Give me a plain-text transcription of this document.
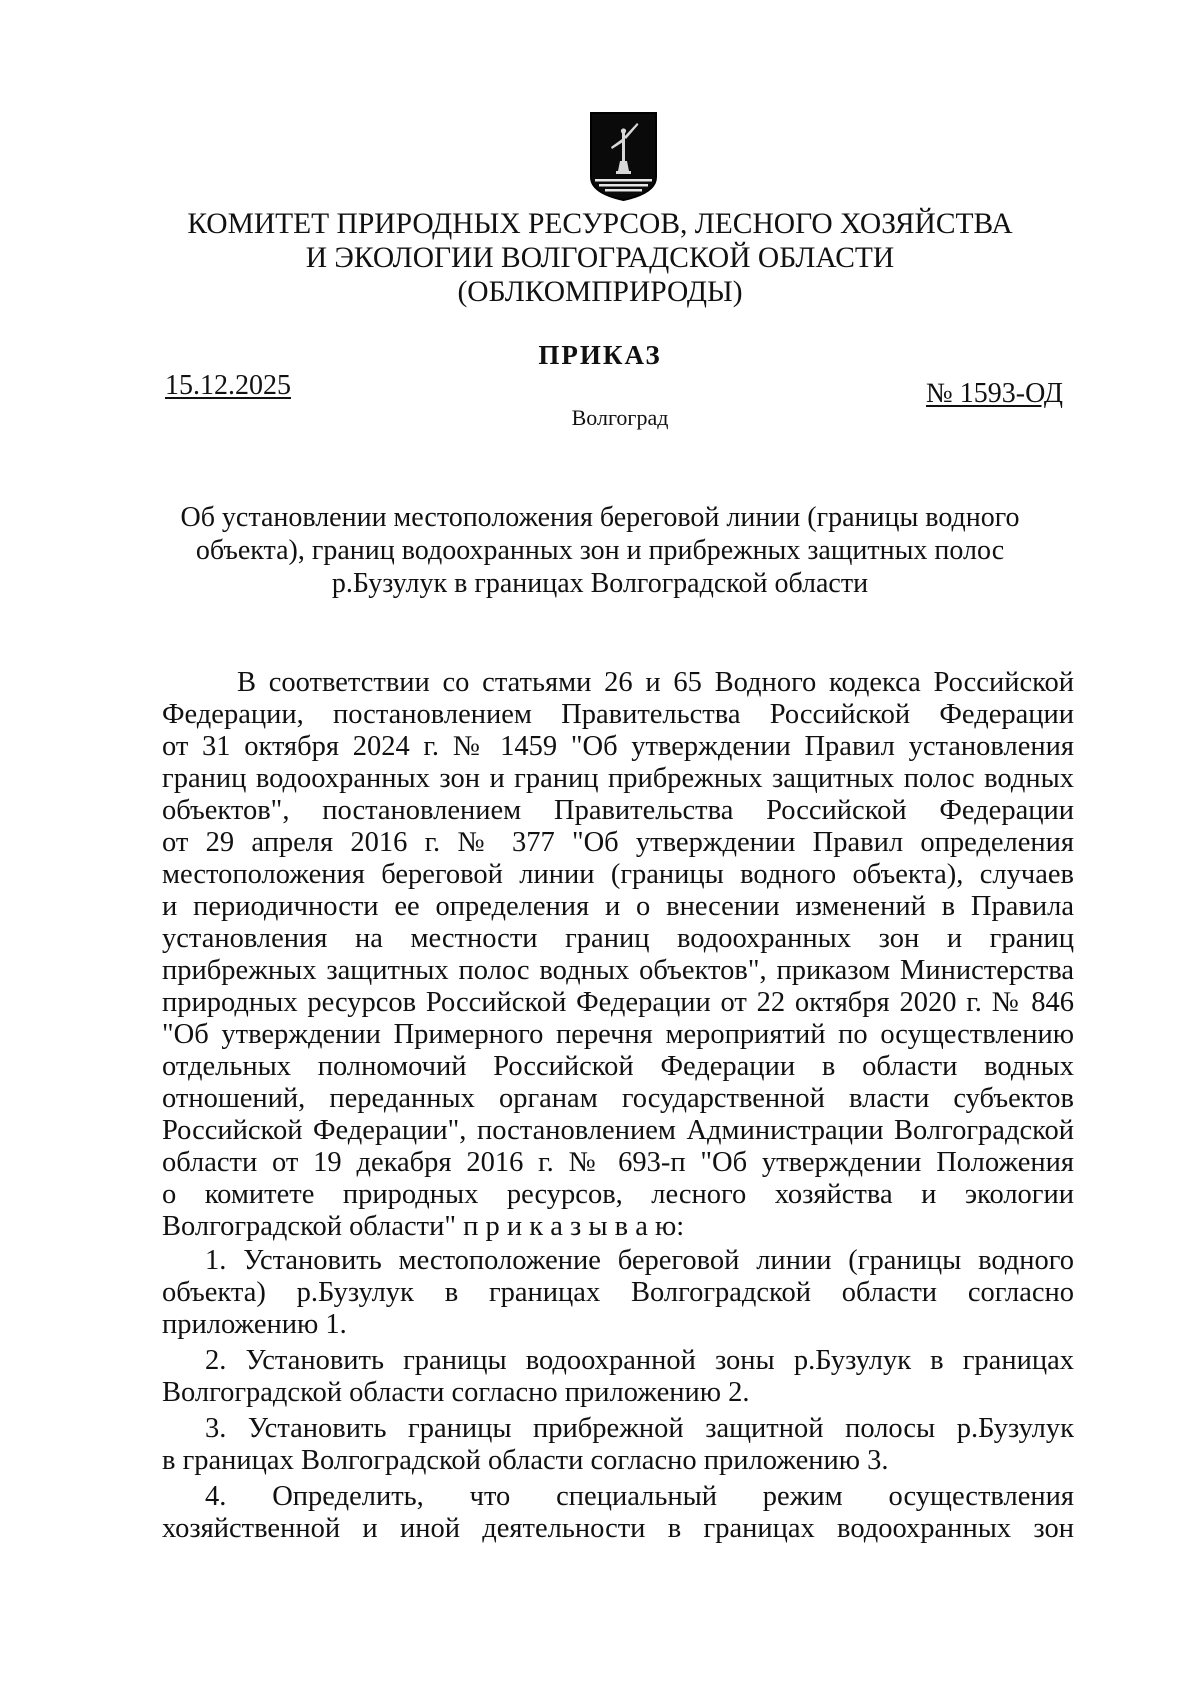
КОМИТЕТ ПРИРОДНЫХ РЕСУРСОВ, ЛЕСНОГО ХОЗЯЙСТВА
И ЭКОЛОГИИ ВОЛГОГРАДСКОЙ ОБЛАСТИ
(ОБЛКОМПРИРОДЫ)
ПРИКАЗ
15.12.2025	№ 1593-ОД
Волгоград
Об установлении местоположения береговой линии (границы водного
объекта), границ водоохранных зон и прибрежных защитных полос
р.Бузулук в границах Волгоградской области
В соответствии со статьями 26 и 65 Водного кодекса Российской
Федерации, постановлением Правительства Российской Федерации
от 31 октября 2024 г. № 1459 "Об утверждении Правил установления
границ водоохранных зон и границ прибрежных защитных полос водных
объектов", постановлением Правительства Российской Федерации
от 29 апреля 2016 г. № 377 "Об утверждении Правил определения
местоположения береговой линии (границы водного объекта), случаев
и периодичности ее определения и о внесении изменений в Правила
установления на местности границ водоохранных зон и границ
прибрежных защитных полос водных объектов", приказом Министерства
природных ресурсов Российской Федерации от 22 октября 2020 г. № 846
"Об утверждении Примерного перечня мероприятий по осуществлению
отдельных полномочий Российской Федерации в области водных
отношений, переданных органам государственной власти субъектов
Российской Федерации", постановлением Администрации Волгоградской
области от 19 декабря 2016 г. № 693-п "Об утверждении Положения
о комитете природных ресурсов, лесного хозяйства и экологии
Волгоградской области" п р и к а з ы в а ю:
1. Установить местоположение береговой линии (границы водного
объекта) р.Бузулук в границах Волгоградской области согласно
приложению 1.
2. Установить границы водоохранной зоны р.Бузулук в границах
Волгоградской области согласно приложению 2.
3. Установить границы прибрежной защитной полосы р.Бузулук
в границах Волгоградской области согласно приложению 3.
4. Определить, что специальный режим осуществления
хозяйственной и иной деятельности в границах водоохранных зон
